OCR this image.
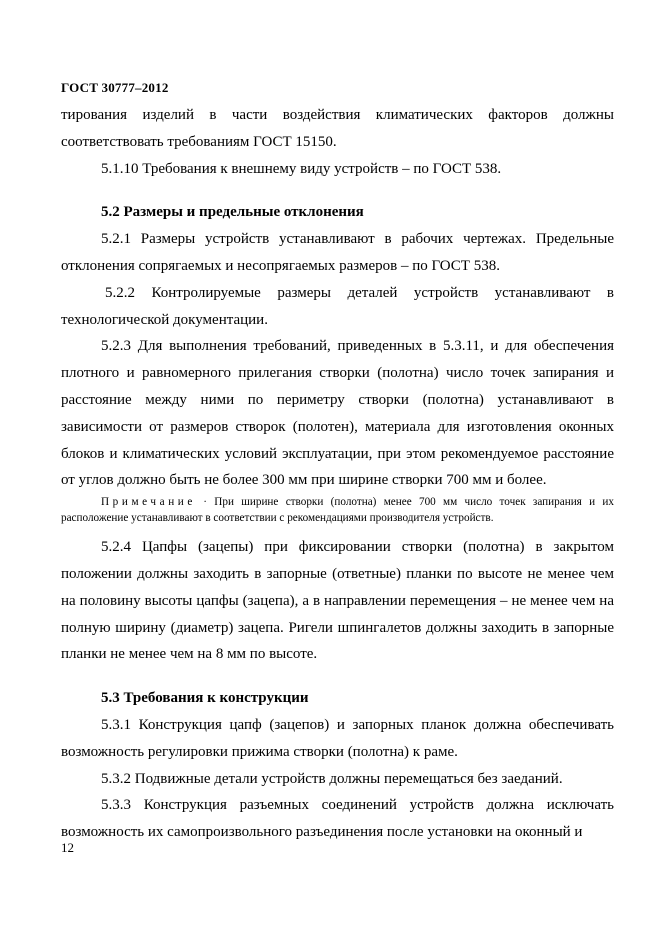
ГОСТ 30777–2012

тирования изделий в части воздействия климатических факторов должны соответствовать требованиям ГОСТ 15150.

5.1.10 Требования к внешнему виду устройств – по ГОСТ 538.

5.2 Размеры и предельные отклонения

5.2.1 Размеры устройств устанавливают в рабочих чертежах. Предельные отклонения сопрягаемых и несопрягаемых размеров – по ГОСТ 538.

5.2.2 Контролируемые размеры деталей устройств устанавливают в технологической документации.

5.2.3 Для выполнения требований, приведенных в 5.3.11, и для обеспечения плотного и равномерного прилегания створки (полотна) число точек запирания и расстояние между ними по периметру створки (полотна) устанавливают в зависимости от размеров створок (полотен), материала для изготовления оконных блоков и климатических условий эксплуатации, при этом рекомендуемое расстояние от углов должно быть не более 300 мм при ширине створки 700 мм и более.

Примечание · При ширине створки (полотна) менее 700 мм число точек запирания и их расположение устанавливают в соответствии с рекомендациями производителя устройств.

5.2.4 Цапфы (зацепы) при фиксировании створки (полотна) в закрытом положении должны заходить в запорные (ответные) планки по высоте не менее чем на половину высоты цапфы (зацепа), а в направлении перемещения – не менее чем на полную ширину (диаметр) зацепа. Ригели шпингалетов должны заходить в запорные планки не менее чем на 8 мм по высоте.

5.3 Требования к конструкции

5.3.1 Конструкция цапф (зацепов) и запорных планок должна обеспечивать возможность регулировки прижима створки (полотна) к раме.

5.3.2 Подвижные детали устройств должны перемещаться без заеданий.

5.3.3 Конструкция разъемных соединений устройств должна исключать возможность их самопроизвольного разъединения после установки на оконный и

12
